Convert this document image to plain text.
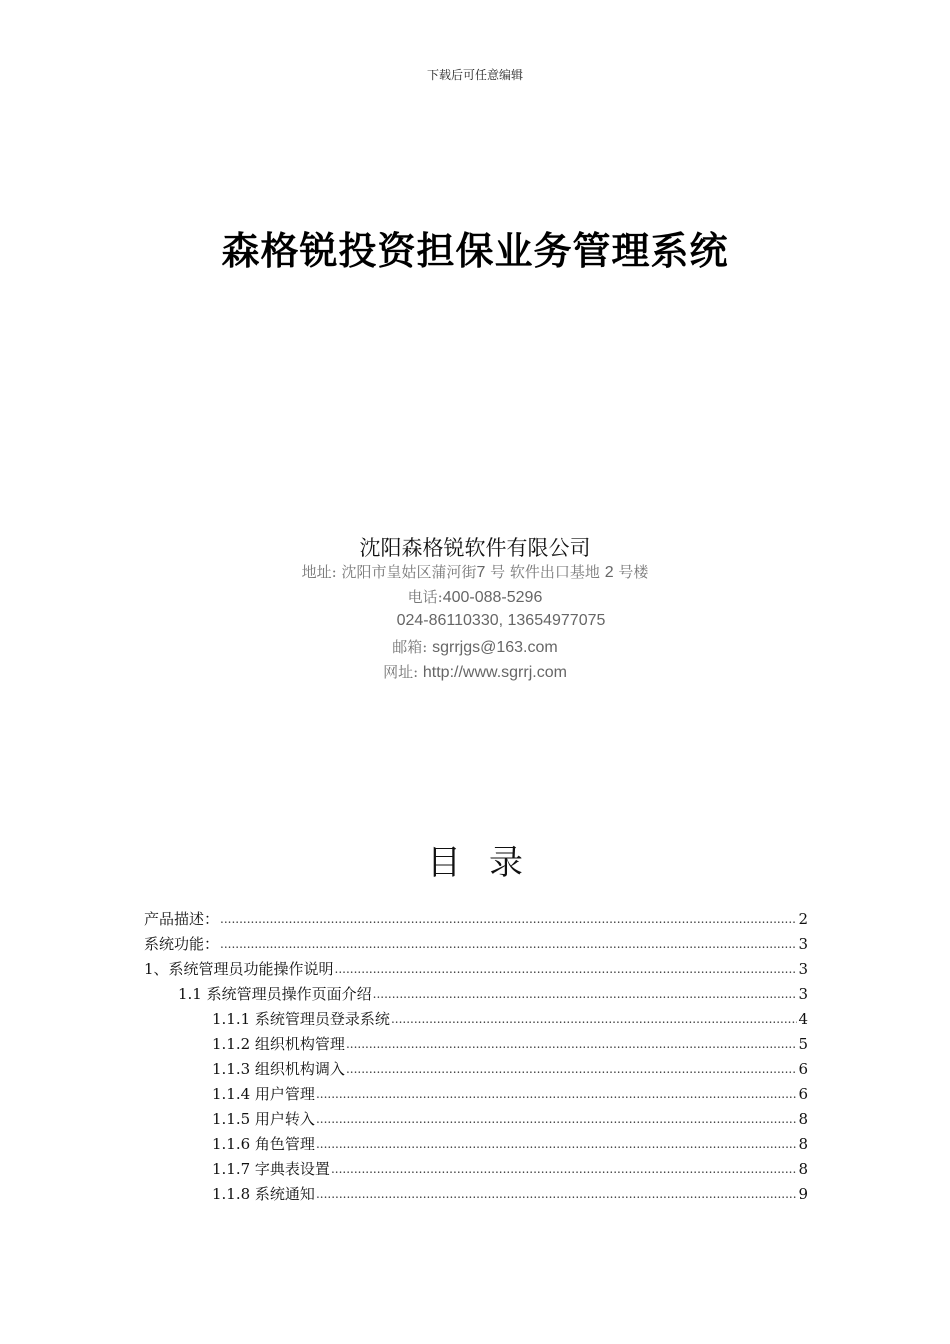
下载后可任意编辑
森格锐投资担保业务管理系统
沈阳森格锐软件有限公司
地址: 沈阳市皇姑区蒲河街7 号 软件出口基地 2 号楼
电话:400-088-5296
024-86110330, 13654977075
邮箱: sgrrjgs@163.com
网址: http://www.sgrrj.com
目录
产品描述： .....	2
系统功能： .....	3
1、系统管理员功能操作说明 .....	3
1.1 系统管理员操作页面介绍 .....	3
1.1.1 系统管理员登录系统 .....	4
1.1.2 组织机构管理 .....	5
1.1.3 组织机构调入 .....	6
1.1.4 用户管理 .....	6
1.1.5 用户转入 .....	8
1.1.6 角色管理 .....	8
1.1.7 字典表设置 .....	8
1.1.8 系统通知 .....	9
